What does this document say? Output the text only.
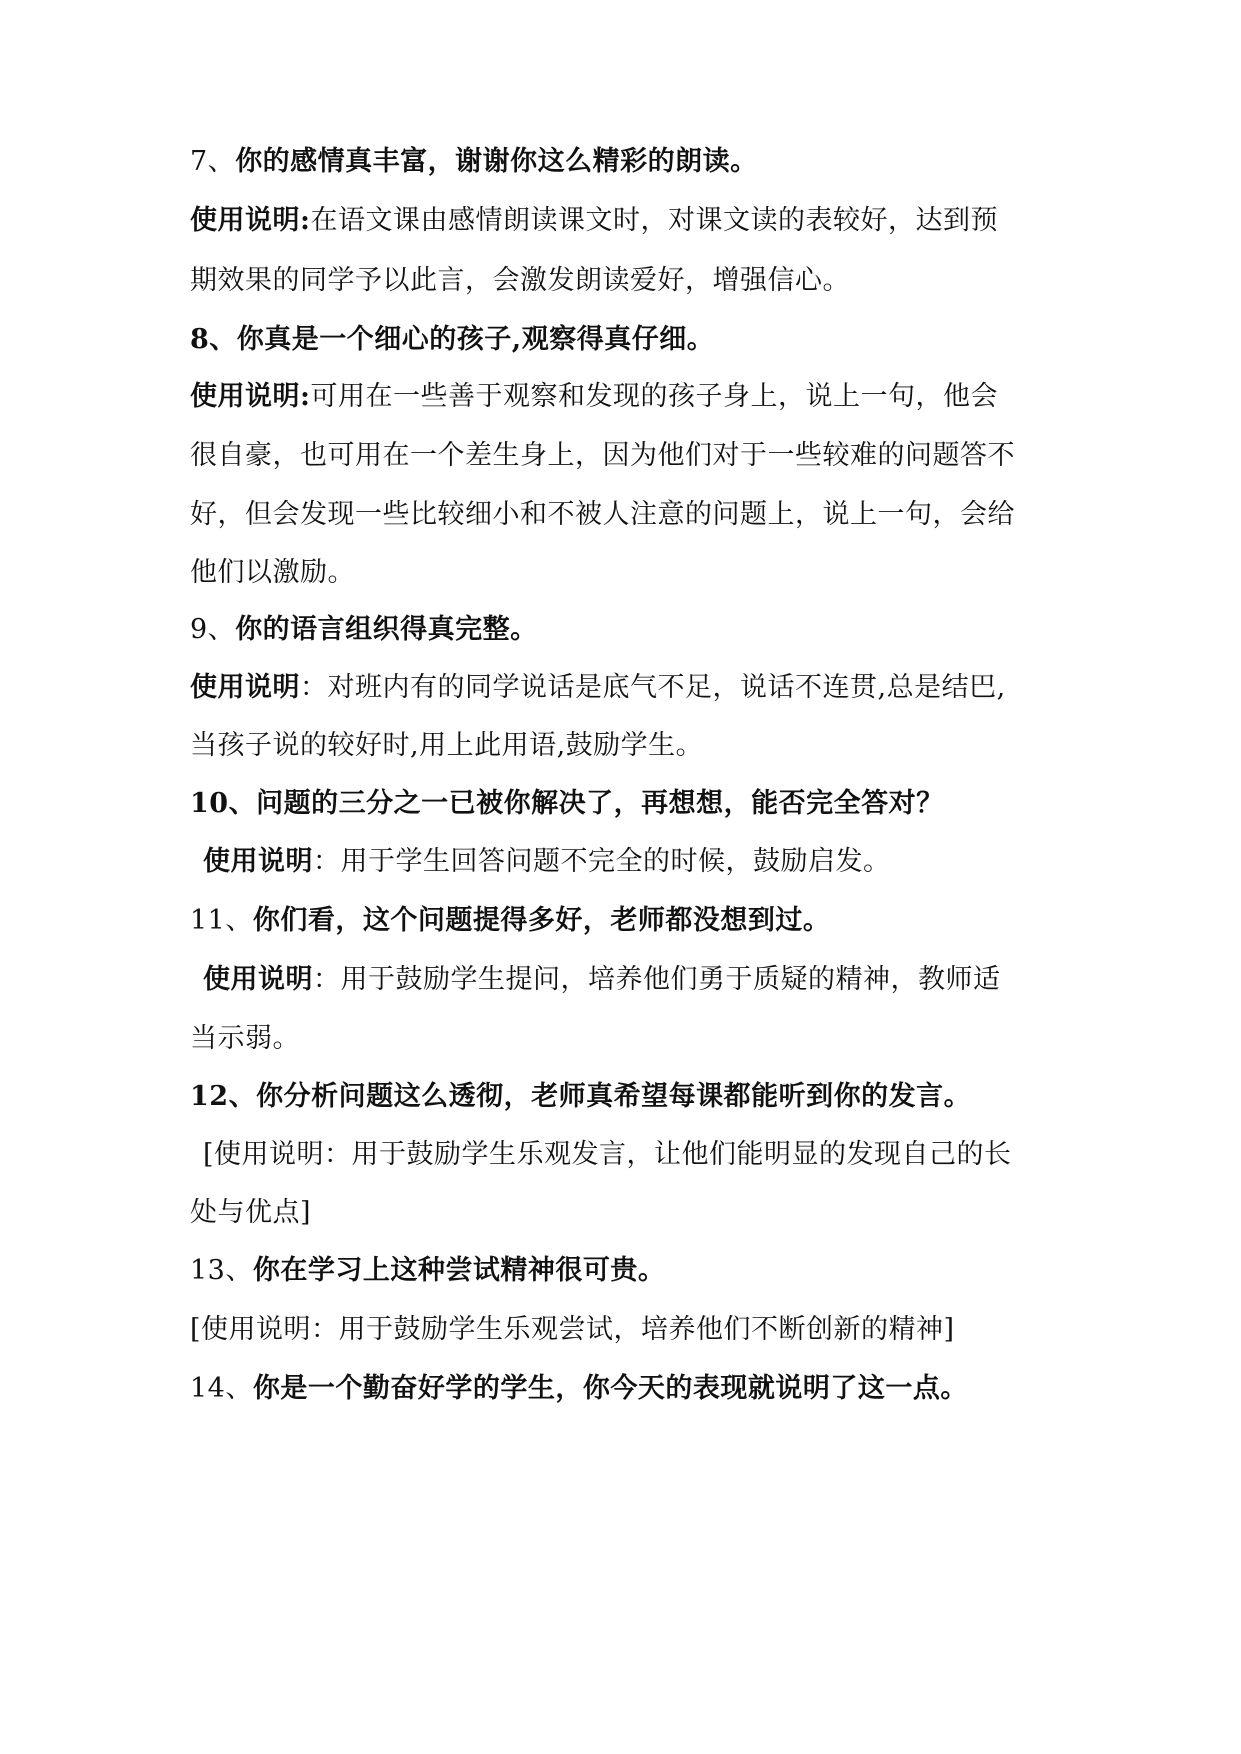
7、你的感情真丰富，谢谢你这么精彩的朗读。
使用说明:在语文课由感情朗读课文时，对课文读的表较好，达到预
期效果的同学予以此言，会激发朗读爱好，增强信心。
8、你真是一个细心的孩子,观察得真仔细。
使用说明:可用在一些善于观察和发现的孩子身上，说上一句，他会
很自豪，也可用在一个差生身上，因为他们对于一些较难的问题答不
好，但会发现一些比较细小和不被人注意的问题上，说上一句，会给
他们以激励。
9、你的语言组织得真完整。
使用说明：对班内有的同学说话是底气不足，说话不连贯,总是结巴,
当孩子说的较好时,用上此用语,鼓励学生。
10、问题的三分之一已被你解决了，再想想，能否完全答对？
使用说明：用于学生回答问题不完全的时候，鼓励启发。
11、你们看，这个问题提得多好，老师都没想到过。
使用说明：用于鼓励学生提问，培养他们勇于质疑的精神，教师适
当示弱。
12、你分析问题这么透彻，老师真希望每课都能听到你的发言。
[使用说明：用于鼓励学生乐观发言，让他们能明显的发现自己的长
处与优点]
13、你在学习上这种尝试精神很可贵。
[使用说明：用于鼓励学生乐观尝试，培养他们不断创新的精神]
14、你是一个勤奋好学的学生，你今天的表现就说明了这一点。
